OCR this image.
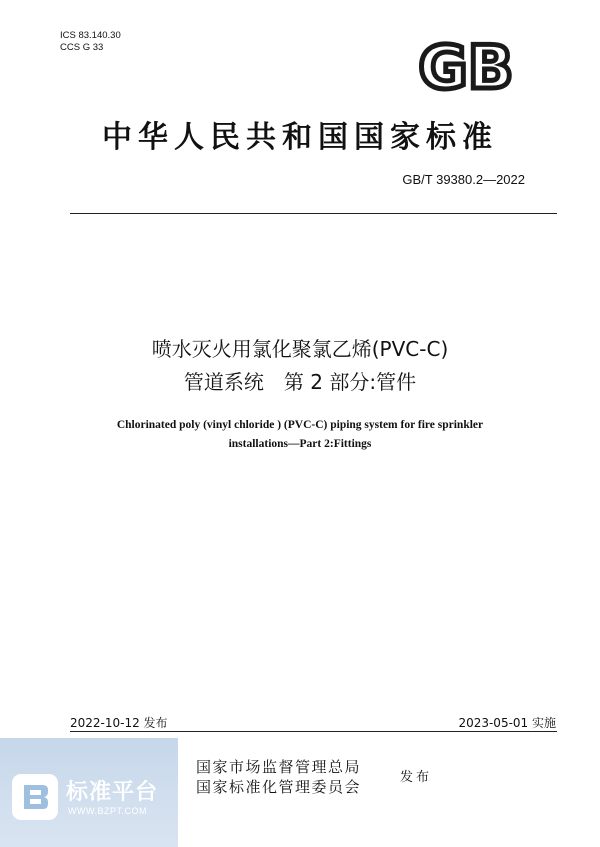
ICS 83.140.30
CCS G 33	GB
中华人民共和国国家标准
GB/T 39380.2—2022
喷水灭火用氯化聚氯乙烯(PVC-C)
管道系统　第 2 部分:管件
Chlorinated poly (vinyl chloride ) (PVC-C) piping system for fire sprinkler
installations—Part 2:Fittings
2022-10-12 发布	2023-05-01 实施
标准平台
WWW.BZPT.COM
国家市场监督管理总局
国家标准化管理委员会
发布
